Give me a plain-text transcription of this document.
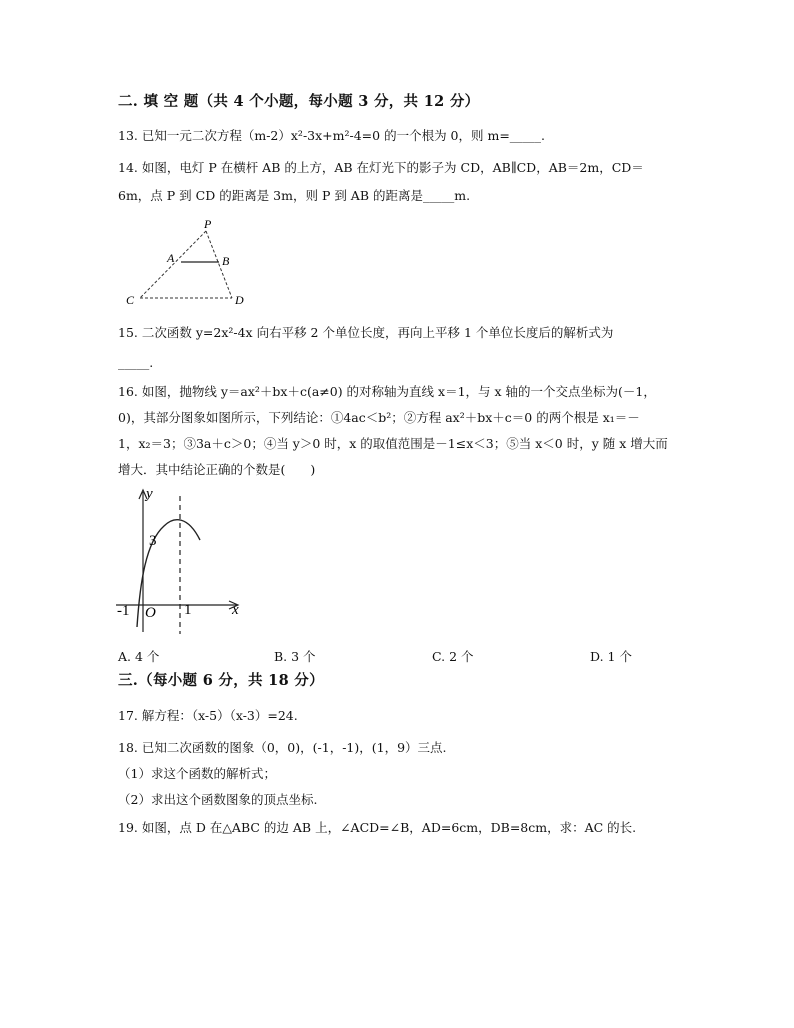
二. 填 空 题（共 4 个小题，每小题 3 分，共 12 分）
13. 已知一元二次方程（m-2）x²-3x+m²-4=0 的一个根为 0，则 m=_____.
14. 如图，电灯 P 在横杆 AB 的上方，AB 在灯光下的影子为 CD，AB∥CD，AB＝2m，CD＝
6m，点 P 到 CD 的距离是 3m，则 P 到 AB 的距离是_____m.
P
A	B
C	D
15. 二次函数 y=2x²-4x 向右平移 2 个单位长度，再向上平移 1 个单位长度后的解析式为
_____.
16. 如图，抛物线 y＝ax²＋bx＋c(a≠0) 的对称轴为直线 x＝1，与 x 轴的一个交点坐标为(－1，
0)，其部分图象如图所示，下列结论：①4ac＜b²；②方程 ax²＋bx＋c＝0 的两个根是 x₁＝－
1，x₂＝3；③3a＋c＞0；④当 y＞0 时，x 的取值范围是－1≤x＜3；⑤当 x＜0 时，y 随 x 增大而
增大．其中结论正确的个数是(　　)
y
x
3
-1 O 1
A. 4 个	B. 3 个	C. 2 个	D. 1 个
三.（每小题 6 分，共 18 分）
17. 解方程：（x-5）（x-3）=24.
18. 已知二次函数的图象（0，0)，(-1，-1)，(1，9）三点.
（1）求这个函数的解析式；
（2）求出这个函数图象的顶点坐标.
19. 如图，点 D 在△ABC 的边 AB 上，∠ACD=∠B，AD=6cm，DB=8cm，求：AC 的长.
